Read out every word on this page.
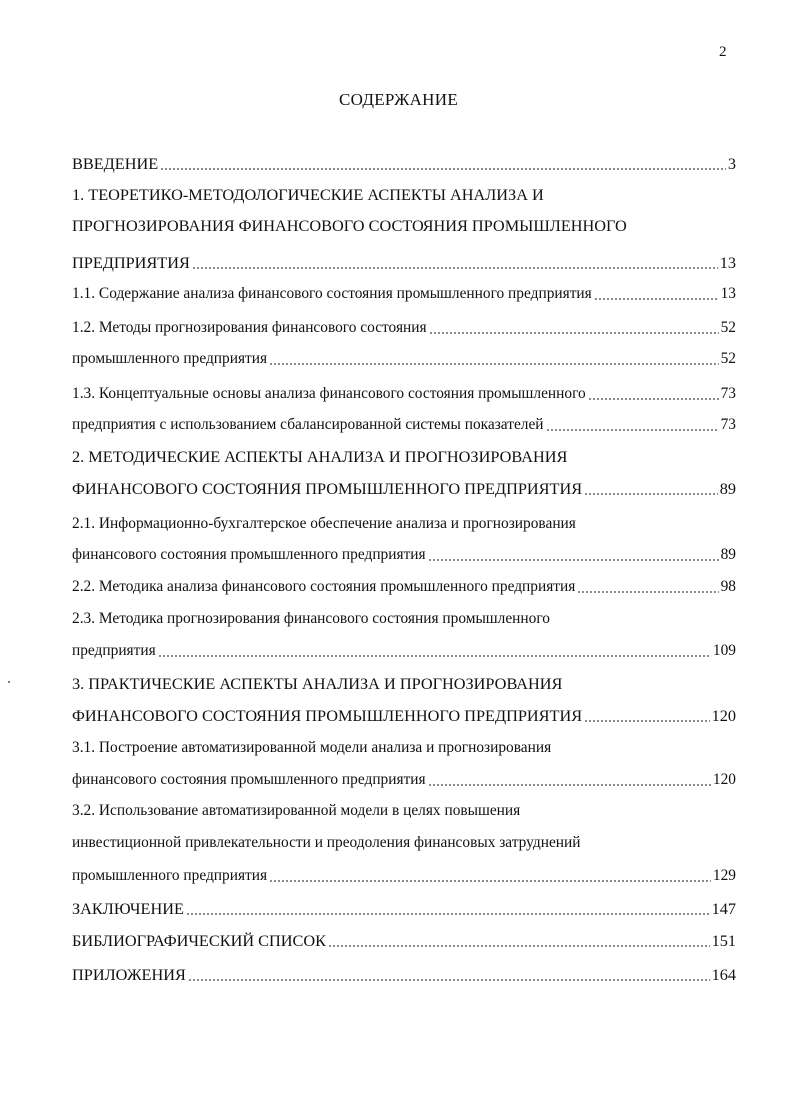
2
СОДЕРЖАНИЕ
ВВЕДЕНИЕ	3
1. ТЕОРЕТИКО-МЕТОДОЛОГИЧЕСКИЕ АСПЕКТЫ АНАЛИЗА И
ПРОГНОЗИРОВАНИЯ ФИНАНСОВОГО СОСТОЯНИЯ ПРОМЫШЛЕННОГО
ПРЕДПРИЯТИЯ	13
1.1. Содержание анализа финансового состояния промышленного предприятия	13
1.2. Методы прогнозирования финансового состояния	52
промышленного предприятия	52
1.3. Концептуальные основы анализа финансового состояния промышленного	73
предприятия с использованием сбалансированной системы показателей	73
2. МЕТОДИЧЕСКИЕ АСПЕКТЫ АНАЛИЗА И ПРОГНОЗИРОВАНИЯ
ФИНАНСОВОГО СОСТОЯНИЯ ПРОМЫШЛЕННОГО ПРЕДПРИЯТИЯ	89
2.1. Информационно-бухгалтерское обеспечение анализа и прогнозирования
финансового состояния промышленного предприятия	89
2.2. Методика анализа финансового состояния промышленного предприятия	98
2.3. Методика прогнозирования финансового состояния промышленного
предприятия	109
3. ПРАКТИЧЕСКИЕ АСПЕКТЫ АНАЛИЗА И ПРОГНОЗИРОВАНИЯ
ФИНАНСОВОГО СОСТОЯНИЯ ПРОМЫШЛЕННОГО ПРЕДПРИЯТИЯ	120
3.1. Построение автоматизированной модели анализа и прогнозирования
финансового состояния промышленного предприятия	120
3.2. Использование автоматизированной модели в целях повышения
инвестиционной привлекательности и преодоления финансовых затруднений
промышленного предприятия	129
ЗАКЛЮЧЕНИЕ	147
БИБЛИОГРАФИЧЕСКИЙ СПИСОК	151
ПРИЛОЖЕНИЯ	164
